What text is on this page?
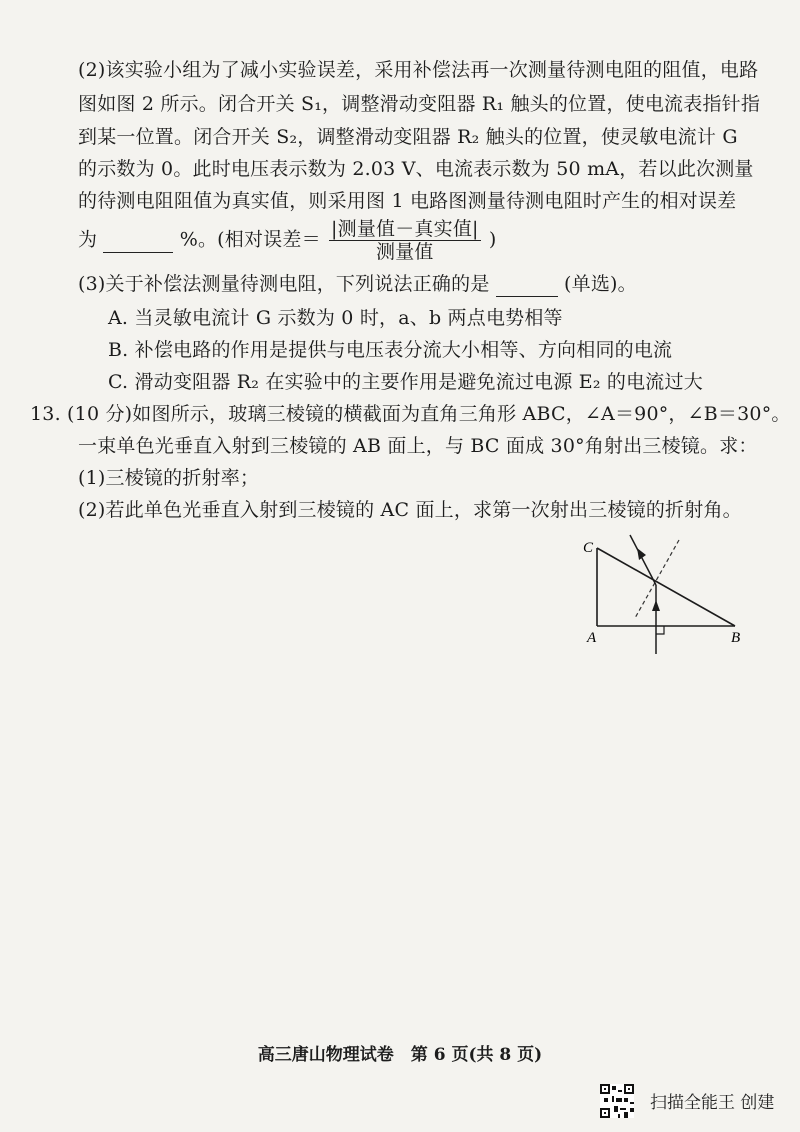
(2)该实验小组为了减小实验误差，采用补偿法再一次测量待测电阻的阻值，电路
图如图 2 所示。闭合开关 S₁，调整滑动变阻器 R₁ 触头的位置，使电流表指针指
到某一位置。闭合开关 S₂，调整滑动变阻器 R₂ 触头的位置，使灵敏电流计 G
的示数为 0。此时电压表示数为 2.03 V、电流表示数为 50 mA，若以此次测量
的待测电阻阻值为真实值，则采用图 1 电路图测量待测电阻时产生的相对误差
为	%。(相对误差＝ $\frac{\text{|测量值－真实值|}}{\text{测量值}}$ )
(3)关于补偿法测量待测电阻，下列说法正确的是	(单选)。
A. 当灵敏电流计 G 示数为 0 时，a、b 两点电势相等
B. 补偿电路的作用是提供与电压表分流大小相等、方向相同的电流
C. 滑动变阻器 R₂ 在实验中的主要作用是避免流过电源 E₂ 的电流过大
13. (10 分)如图所示，玻璃三棱镜的横截面为直角三角形 ABC，∠A＝90°，∠B＝30°。
一束单色光垂直入射到三棱镜的 AB 面上，与 BC 面成 30°角射出三棱镜。求：
(1)三棱镜的折射率；
(2)若此单色光垂直入射到三棱镜的 AC 面上，求第一次射出三棱镜的折射角。
C
A	B
高三唐山物理试卷　第 6 页(共 8 页)
扫描全能王 创建
